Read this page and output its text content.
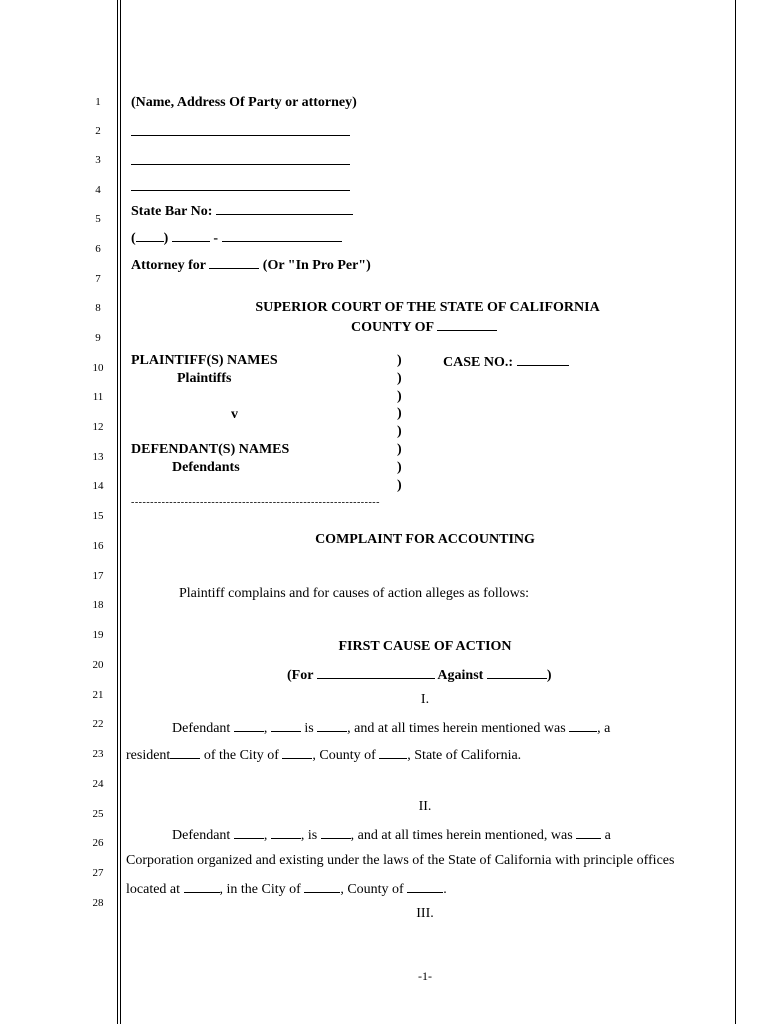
1
2
3
4
5
6
7
8
9
10
11
12
13
14
15
16
17
18
19
20
21
22
23
24
25
26
27
28
(Name, Address Of Party or attorney)
State Bar No:
( )	-
Attorney for	(Or "In Pro Per")
SUPERIOR COURT OF THE STATE OF CALIFORNIA
COUNTY OF
PLAINTIFF(S) NAMES
Plaintiffs
v
DEFENDANT(S) NAMES
Defendants
)
)
)
)
)
)
)
)
CASE NO.:
-----------------------------------------------------------------
COMPLAINT FOR ACCOUNTING
Plaintiff complains and for causes of action alleges as follows:
FIRST CAUSE OF ACTION
(For	Against	)
I.
Defendant ,	is , and at all times herein mentioned was , a
resident of the City of , County of , State of California.
II.
Defendant , , is , and at all times herein mentioned, was a
Corporation organized and existing under the laws of the State of California with principle offices
located at	, in the City of	, County of	.
III.
-1-
